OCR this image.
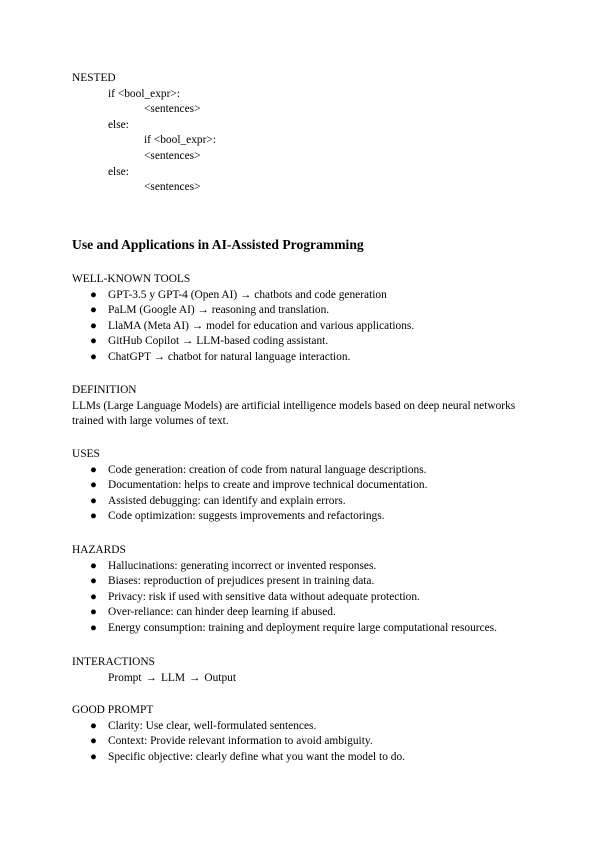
NESTED
if <bool_expr>:
<sentences>
else:
if <bool_expr>:
<sentences>
else:
<sentences>
Use and Applications in AI-Assisted Programming
WELL-KNOWN TOOLS
● GPT-3.5 y GPT-4 (Open AI) → chatbots and code generation
● PaLM (Google AI) → reasoning and translation.
● LlaMA (Meta AI) → model for education and various applications.
● GitHub Copilot → LLM-based coding assistant.
● ChatGPT → chatbot for natural language interaction.
DEFINITION
LLMs (Large Language Models) are artificial intelligence models based on deep neural networks trained with large volumes of text.
USES
● Code generation: creation of code from natural language descriptions.
● Documentation: helps to create and improve technical documentation.
● Assisted debugging: can identify and explain errors.
● Code optimization: suggests improvements and refactorings.
HAZARDS
● Hallucinations: generating incorrect or invented responses.
● Biases: reproduction of prejudices present in training data.
● Privacy: risk if used with sensitive data without adequate protection.
● Over-reliance: can hinder deep learning if abused.
● Energy consumption: training and deployment require large computational resources.
INTERACTIONS
Prompt → LLM → Output
GOOD PROMPT
● Clarity: Use clear, well-formulated sentences.
● Context: Provide relevant information to avoid ambiguity.
● Specific objective: clearly define what you want the model to do.
